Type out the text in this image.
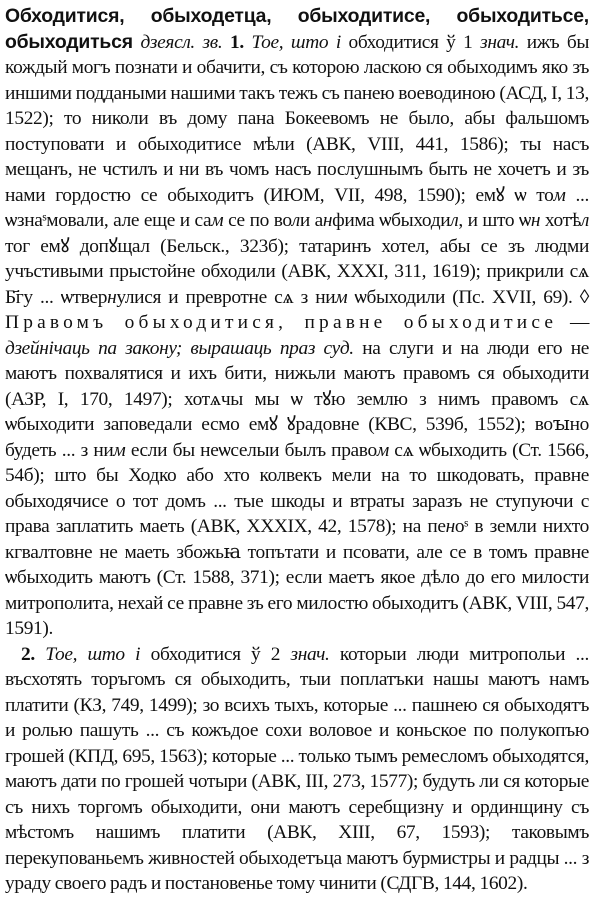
Обходитися, обыходетца, обыходитисе, обыходитьсе, обыходиться дзеясл. зв. 1. Тое, што і обходитися ў 1 знач. ижъ бы кождый могъ познати и обачити, съ которою ласкою ся обыходимъ яко зъ иншими поддаными нашими такъ тежъ съ панею воеводиною (АСД, І, 13, 1522); то николи въ дому пана Бокеевомъ не было, абы фальшомъ поступовати и обыходитисе мѣли (АВК, VIII, 441, 1586); ты насъ мещанъ, не чстилъ и ни въ чомъ насъ послушнымъ быть не хочетъ и зъ нами гордостю се обыходитъ (ИЮМ, VII, 498, 1590); емꙋ ѡ том ... ѡзнаˢмовали, але еще и сам се по воли анфима ѡбыходил, и што ѡн хотѣл тог емꙋ допꙋщал (Бельск., 323б); татаринъ хотел, абы се зъ людми учъстивыми прыстойне обходили (АВК, XXXI, 311, 1619); прикрили сѧ Б҃гу ... ѡтвернулися и превротне сѧ з ним ѡбыходили (Пс. XVII, 69). ◊ Правомъ обыходитися, правне обыходитисе — дзейнічаць па закону; вырашаць праз суд. на слуги и на люди его не маютъ похвалятися и ихъ бити, нижьли маютъ правомъ ся обыходити (АЗР, І, 170, 1497); хотѧчы мы ѡ тꙋю землю з нимъ правомъ сѧ ѡбыходити заповедали есмо емꙋ ꙋрадовне (КВС, 539б, 1552); воꙑно будеть ... з ним если бы неѡселыи былъ правом сѧ ѡбыходить (Ст. 1566, 54б); што бы Ходко або хто колвекъ мели на то шкодовать, правне обыходячисе о тот домъ ... тые шкоды и втраты заразъ не ступуючи с права заплатить маеть (АВК, XXXIX, 42, 1578); на пеноˢ в земли нихто кгвалтовне не маеть збожьꙗ топътати и псовати, але се в томъ правне ѡбыходить маютъ (Ст. 1588, 371); если маетъ якое дѣло до его милости митрополита, нехай се правне зъ его милостю обыходитъ (АВК, VIII, 547, 1591).

2. Тое, што і обходитися ў 2 знач. которыи люди митропольи ... въсхотять торъгомъ ся обыходить, тыи поплатъки нашы маютъ намъ платити (КЗ, 749, 1499); зо всихъ тыхъ, которые ... пашнею ся обыходятъ и ролью пашуть ... съ кожъдое сохи воловое и коньское по полукопъю грошей (КПД, 695, 1563); которые ... только тымъ ремесломъ обыходятся, маютъ дати по грошей чотыри (АВК, III, 273, 1577); будуть ли ся которые съ нихъ торгомъ обыходити, они маютъ серебщизну и ординщину съ мѣстомъ нашимъ платити (АВК, XIII, 67, 1593); таковымъ перекупованьемъ живностей обыходетъца маютъ бурмистры и радцы ... з ураду своего радъ и постановенье тому чинити (СДГВ, 144, 1602).
